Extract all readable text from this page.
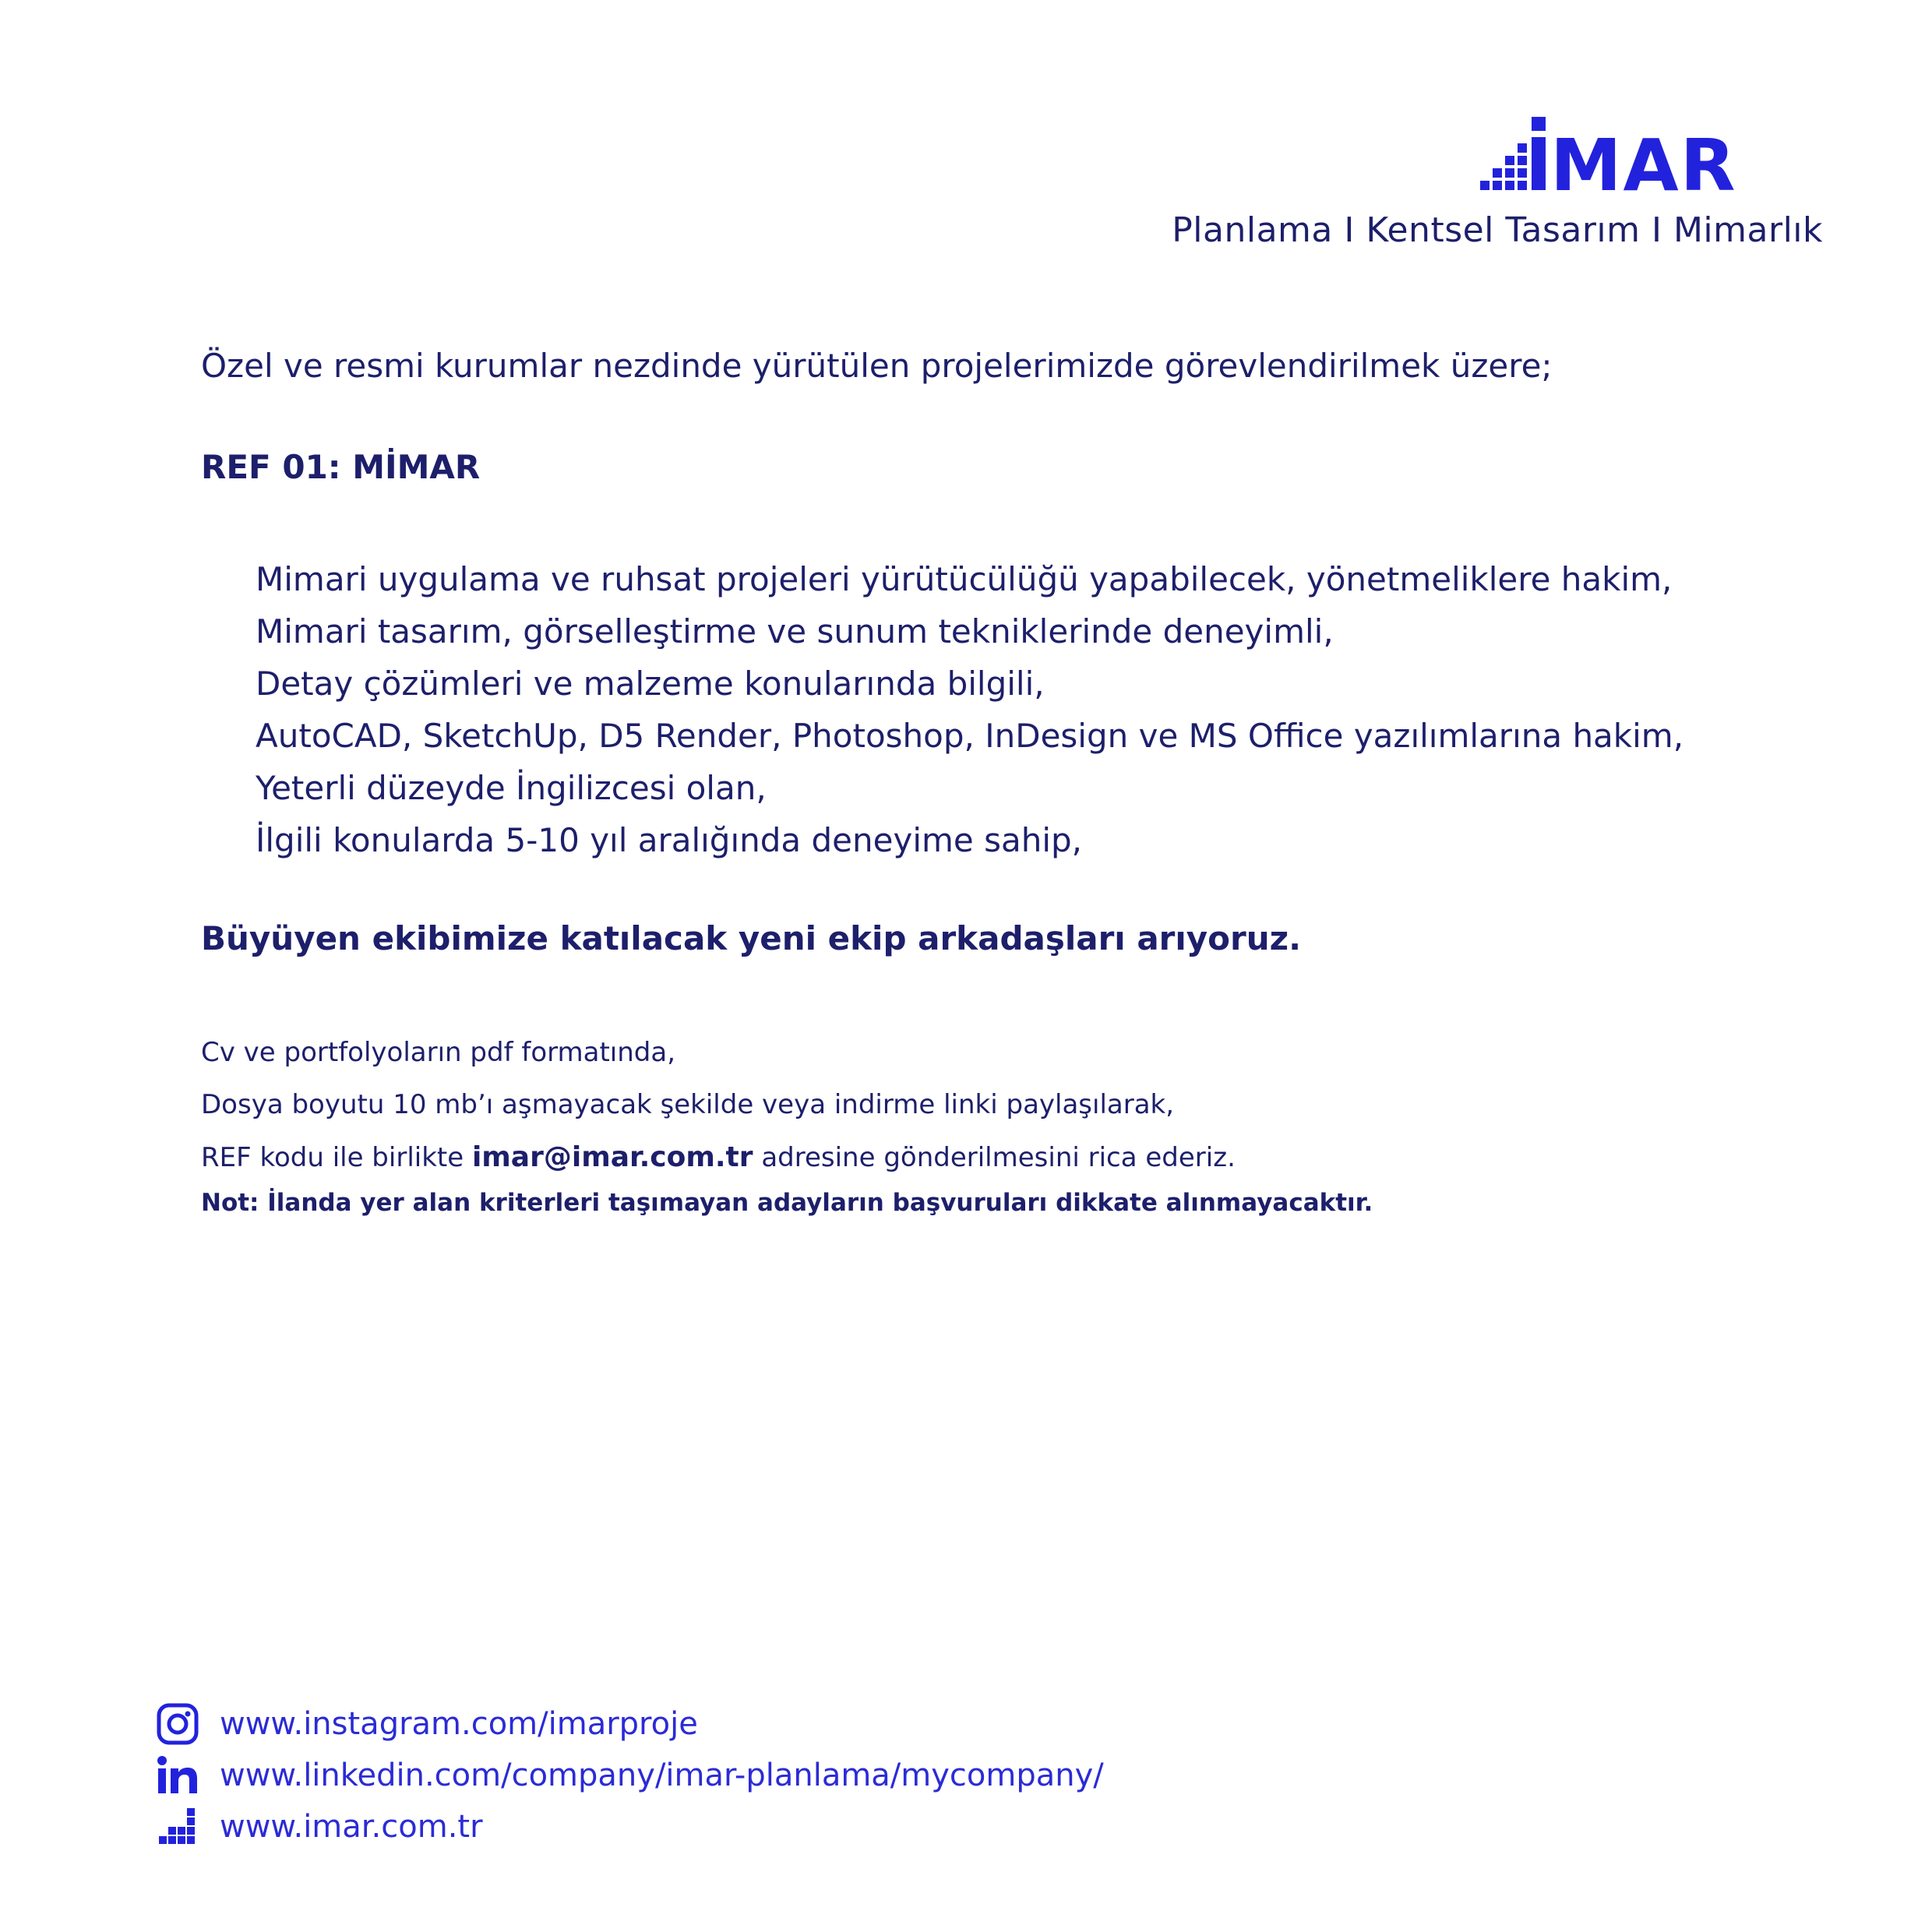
MAR
Planlama I Kentsel Tasarım I Mimarlık
Özel ve resmi kurumlar nezdinde yürütülen projelerimizde görevlendirilmek üzere;
REF 01: MİMAR
Mimari uygulama ve ruhsat projeleri yürütücülüğü yapabilecek, yönetmeliklere hakim,
Mimari tasarım, görselleştirme ve sunum tekniklerinde deneyimli,
Detay çözümleri ve malzeme konularında bilgili,
AutoCAD, SketchUp, D5 Render, Photoshop, InDesign ve MS Office yazılımlarına hakim,
Yeterli düzeyde İngilizcesi olan,
İlgili konularda 5-10 yıl aralığında deneyime sahip,
Büyüyen ekibimize katılacak yeni ekip arkadaşları arıyoruz.
Cv ve portfolyoların pdf formatında,
Dosya boyutu 10 mb’ı aşmayacak şekilde veya indirme linki paylaşılarak,
REF kodu ile birlikte imar@imar.com.tr adresine gönderilmesini rica ederiz.
Not: İlanda yer alan kriterleri taşımayan adayların başvuruları dikkate alınmayacaktır.
www.instagram.com/imarproje
www.linkedin.com/company/imar-planlama/mycompany/
www.imar.com.tr
